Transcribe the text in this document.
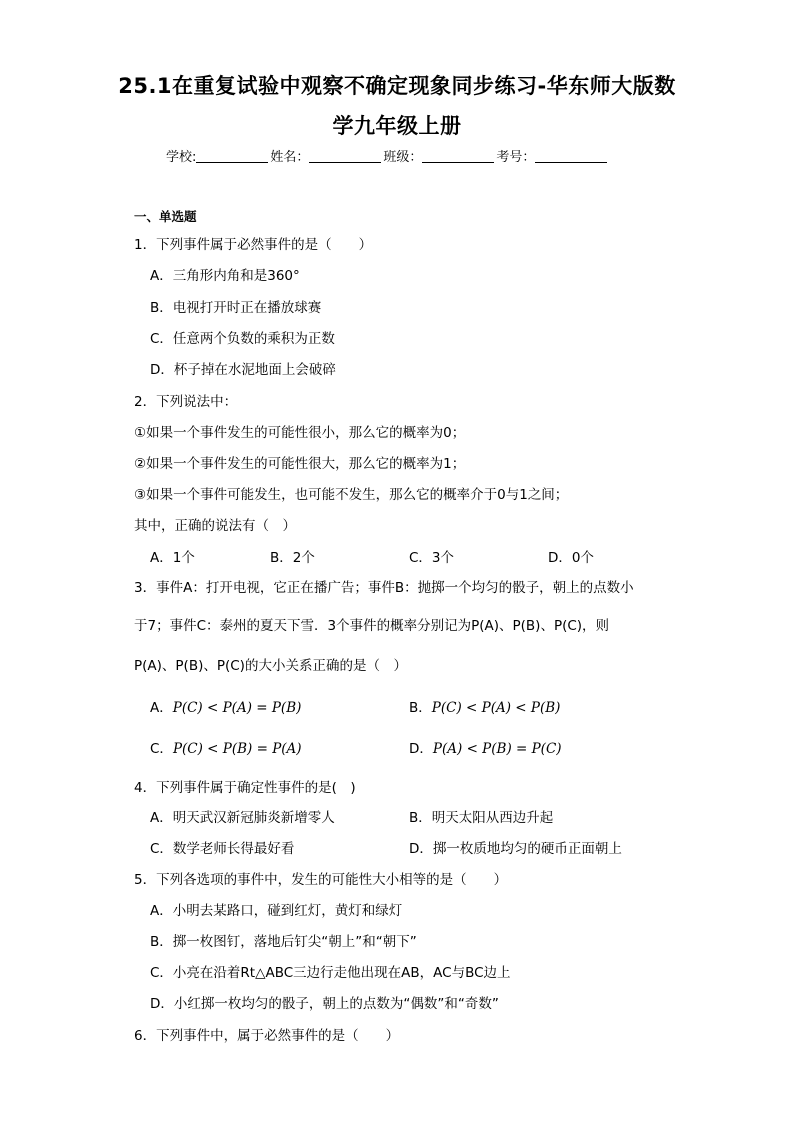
25.1在重复试验中观察不确定现象同步练习-华东师大版数
学九年级上册
学校:	姓名：	班级：	考号：
一、单选题
1．下列事件属于必然事件的是（　　）
A．三角形内角和是360°
B．电视打开时正在播放球赛
C．任意两个负数的乘积为正数
D．杯子掉在水泥地面上会破碎
2．下列说法中：
①如果一个事件发生的可能性很小，那么它的概率为0；
②如果一个事件发生的可能性很大，那么它的概率为1；
③如果一个事件可能发生，也可能不发生，那么它的概率介于0与1之间；
其中，正确的说法有（　）
A．1个	B．2个	C．3个	D．0个
3．事件A：打开电视，它正在播广告；事件B：抛掷一个均匀的骰子，朝上的点数小
于7；事件C：泰州的夏天下雪．3个事件的概率分别记为P(A)、P(B)、P(C)，则
P(A)、P(B)、P(C)的大小关系正确的是（　）
A．P(C) < P(A) = P(B)	B．P(C) < P(A) < P(B)
C．P(C) < P(B) = P(A)	D．P(A) < P(B) = P(C)
4．下列事件属于确定性事件的是(　)
A．明天武汉新冠肺炎新增零人	B．明天太阳从西边升起
C．数学老师长得最好看	D．掷一枚质地均匀的硬币正面朝上
5．下列各选项的事件中，发生的可能性大小相等的是（　　）
A．小明去某路口，碰到红灯，黄灯和绿灯
B．掷一枚图钉，落地后钉尖“朝上”和“朝下”
C．小亮在沿着Rt△ABC三边行走他出现在AB，AC与BC边上
D．小红掷一枚均匀的骰子，朝上的点数为“偶数”和“奇数”
6．下列事件中，属于必然事件的是（　　）
